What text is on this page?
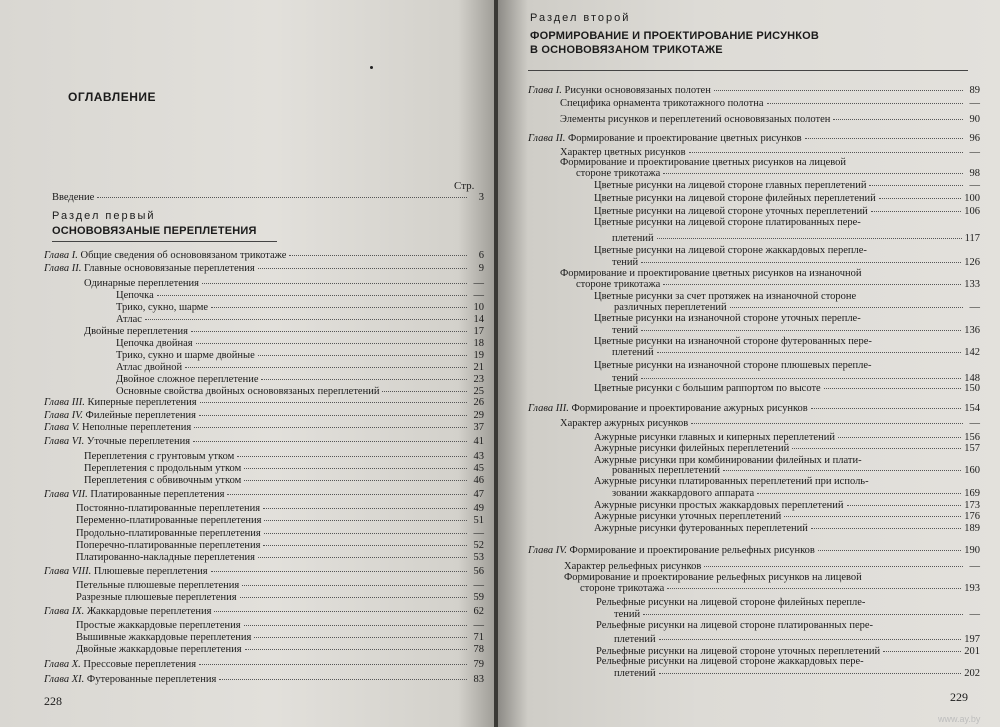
ОГЛАВЛЕНИЕ
Стр.
Введение	3
Раздел первый
ОСНОВОВЯЗАНЫЕ ПЕРЕПЛЕТЕНИЯ
Глава I. Общие сведения об основовязаном трикотаже	6
Глава II. Главные основовязаные переплетения	9
Одинарные переплетения	—
Цепочка	—
Трико, сукно, шарме	10
Атлас	14
Двойные переплетения	17
Цепочка двойная	18
Трико, сукно и шарме двойные	19
Атлас двойной	21
Двойное сложное переплетение	23
Основные свойства двойных основовязаных переплетений	25
Глава III. Киперные переплетения	26
Глава IV. Филейные переплетения	29
Глава V. Неполные переплетения	37
Глава VI. Уточные переплетения	41
Переплетения с грунтовым утком	43
Переплетения с продольным утком	45
Переплетения с обвивочным утком	46
Глава VII. Платированные переплетения	47
Постоянно-платированные переплетения	49
Переменно-платированные переплетения	51
Продольно-платированные переплетения	—
Поперечно-платированные переплетения	52
Платированно-накладные переплетения	53
Глава VIII. Плюшевые переплетения	56
Петельные плюшевые переплетения	—
Разрезные плюшевые переплетения	59
Глава IX. Жаккардовые переплетения	62
Простые жаккардовые переплетения	—
Вышивные жаккардовые переплетения	71
Двойные жаккардовые переплетения	78
Глава X. Прессовые переплетения	79
Глава XI. Футерованные переплетения	83
228
Раздел второй
ФОРМИРОВАНИЕ И ПРОЕКТИРОВАНИЕ РИСУНКОВ
В ОСНОВОВЯЗАНОМ ТРИКОТАЖЕ
Глава I. Рисунки основовязаных полотен	89
Специфика орнамента трикотажного полотна	—
Элементы рисунков и переплетений основовязаных полотен	90
Глава II. Формирование и проектирование цветных рисунков	96
Характер цветных рисунков	—
Формирование и проектирование цветных рисунков на лицевой
стороне трикотажа	98
Цветные рисунки на лицевой стороне главных переплетений	—
Цветные рисунки на лицевой стороне филейных переплетений	100
Цветные рисунки на лицевой стороне уточных переплетений	106
Цветные рисунки на лицевой стороне платированных пере-
плетений	117
Цветные рисунки на лицевой стороне жаккардовых перепле-
тений	126
Формирование и проектирование цветных рисунков на изнаночной
стороне трикотажа	133
Цветные рисунки за счет протяжек на изнаночной стороне
различных переплетений	—
Цветные рисунки на изнаночной стороне уточных перепле-
тений	136
Цветные рисунки на изнаночной стороне футерованных пере-
плетений	142
Цветные рисунки на изнаночной стороне плюшевых перепле-
тений	148
Цветные рисунки с большим раппортом по высоте	150
Глава III. Формирование и проектирование ажурных рисунков	154
Характер ажурных рисунков	—
Ажурные рисунки главных и киперных переплетений	156
Ажурные рисунки филейных переплетений	157
Ажурные рисунки при комбинировании филейных и плати-
рованных переплетений	160
Ажурные рисунки платированных переплетений при исполь-
зовании жаккардового аппарата	169
Ажурные рисунки простых жаккардовых переплетений	173
Ажурные рисунки уточных переплетений	176
Ажурные рисунки футерованных переплетений	189
Глава IV. Формирование и проектирование рельефных рисунков	190
Характер рельефных рисунков	—
Формирование и проектирование рельефных рисунков на лицевой
стороне трикотажа	193
Рельефные рисунки на лицевой стороне филейных перепле-
тений	—
Рельефные рисунки на лицевой стороне платированных пере-
плетений	197
Рельефные рисунки на лицевой стороне уточных переплетений	201
Рельефные рисунки на лицевой стороне жаккардовых пере-
плетений	202
229
www.ay.by
